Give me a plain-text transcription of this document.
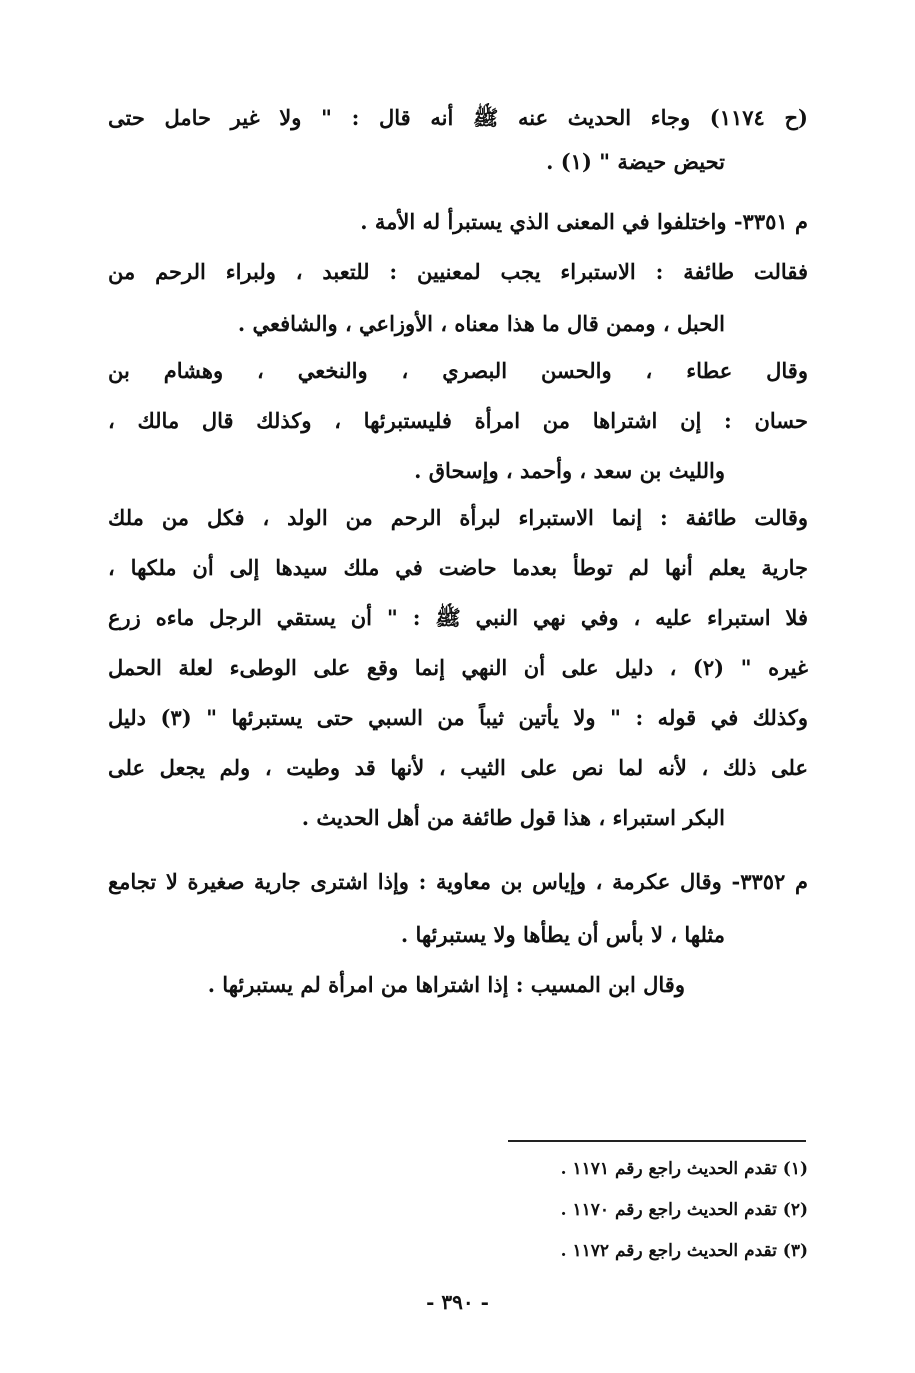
(ح ١١٧٤) وجاء الحديث عنه ﷺ أنه قال : " ولا غير حامل حتى
تحيض حيضة " (١) .
م ٣٣٥١- واختلفوا في المعنى الذي يستبرأ له الأمة .
فقالت طائفة : الاستبراء يجب لمعنيين : للتعبد ، ولبراء الرحم من
الحبل ، وممن قال ما هذا معناه ، الأوزاعي ، والشافعي .
وقال عطاء ، والحسن البصري ، والنخعي ، وهشام بن
حسان : إن اشتراها من امرأة فليستبرئها ، وكذلك قال مالك ،
والليث بن سعد ، وأحمد ، وإسحاق .
وقالت طائفة : إنما الاستبراء لبرأة الرحم من الولد ، فكل من ملك
جارية يعلم أنها لم توطأ بعدما حاضت في ملك سيدها إلى أن ملكها ،
فلا استبراء عليه ، وفي نهي النبي ﷺ : " أن يستقي الرجل ماءه زرع
غيره " (٢) ، دليل على أن النهي إنما وقع على الوطىء لعلة الحمل
وكذلك في قوله : " ولا يأتين ثيباً من السبي حتى يستبرئها " (٣) دليل
على ذلك ، لأنه لما نص على الثيب ، لأنها قد وطيت ، ولم يجعل على
البكر استبراء ، هذا قول طائفة من أهل الحديث .
م ٣٣٥٢- وقال عكرمة ، وإياس بن معاوية : وإذا اشترى جارية صغيرة لا تجامع
مثلها ، لا بأس أن يطأها ولا يستبرئها .
وقال ابن المسيب : إذا اشتراها من امرأة لم يستبرئها .
(١) تقدم الحديث راجع رقم ١١٧١ .
(٢) تقدم الحديث راجع رقم ١١٧٠ .
(٣) تقدم الحديث راجع رقم ١١٧٢ .
- ٣٩٠ -
